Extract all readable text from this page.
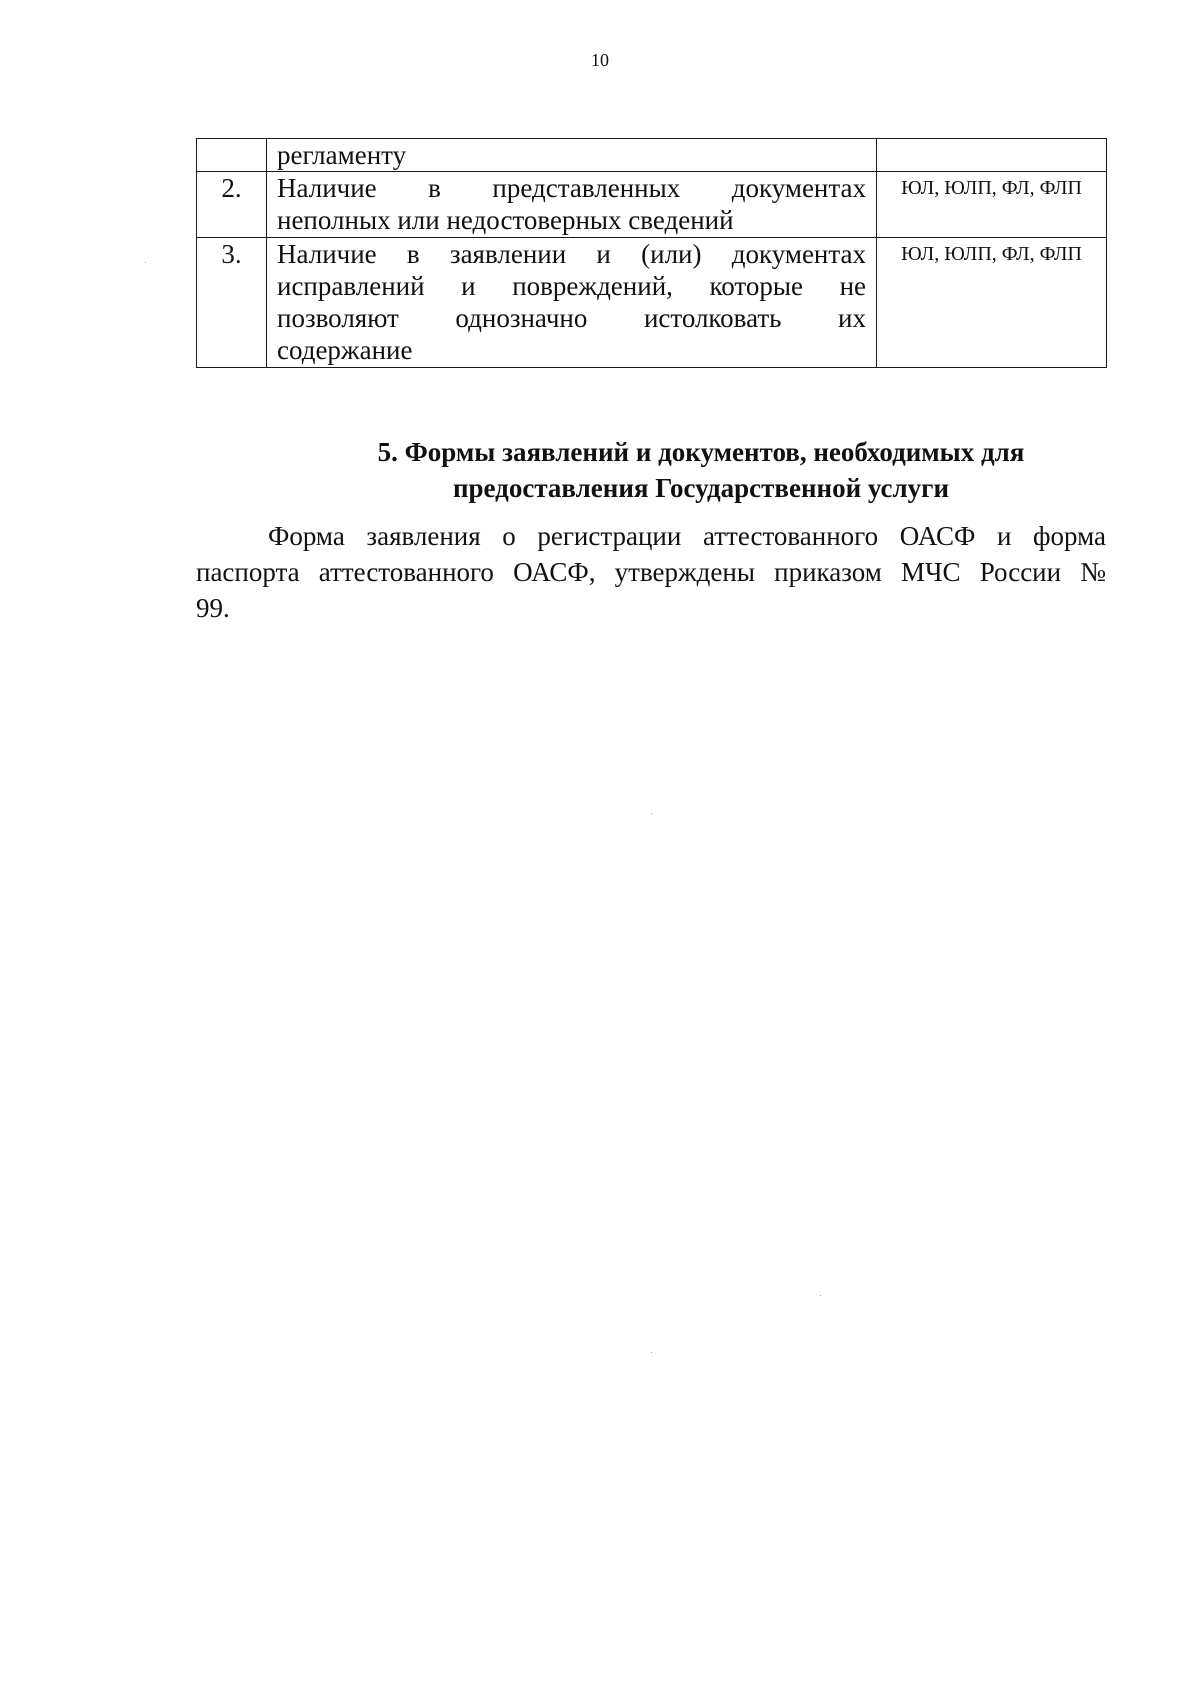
10

	регламенту	

2.	Наличие в представленных документах
неполных или недостоверных сведений	ЮЛ, ЮЛП, ФЛ, ФЛП
3.	Наличие в заявлении и (или) документах
исправлений и повреждений, которые не
позволяют однозначно истолковать их
содержание	ЮЛ, ЮЛП, ФЛ, ФЛП
5. Формы заявлений и документов, необходимых для
предоставления Государственной услуги

Форма заявления о регистрации аттестованного ОАСФ и форма
паспорта аттестованного ОАСФ, утверждены приказом МЧС России №
99.
